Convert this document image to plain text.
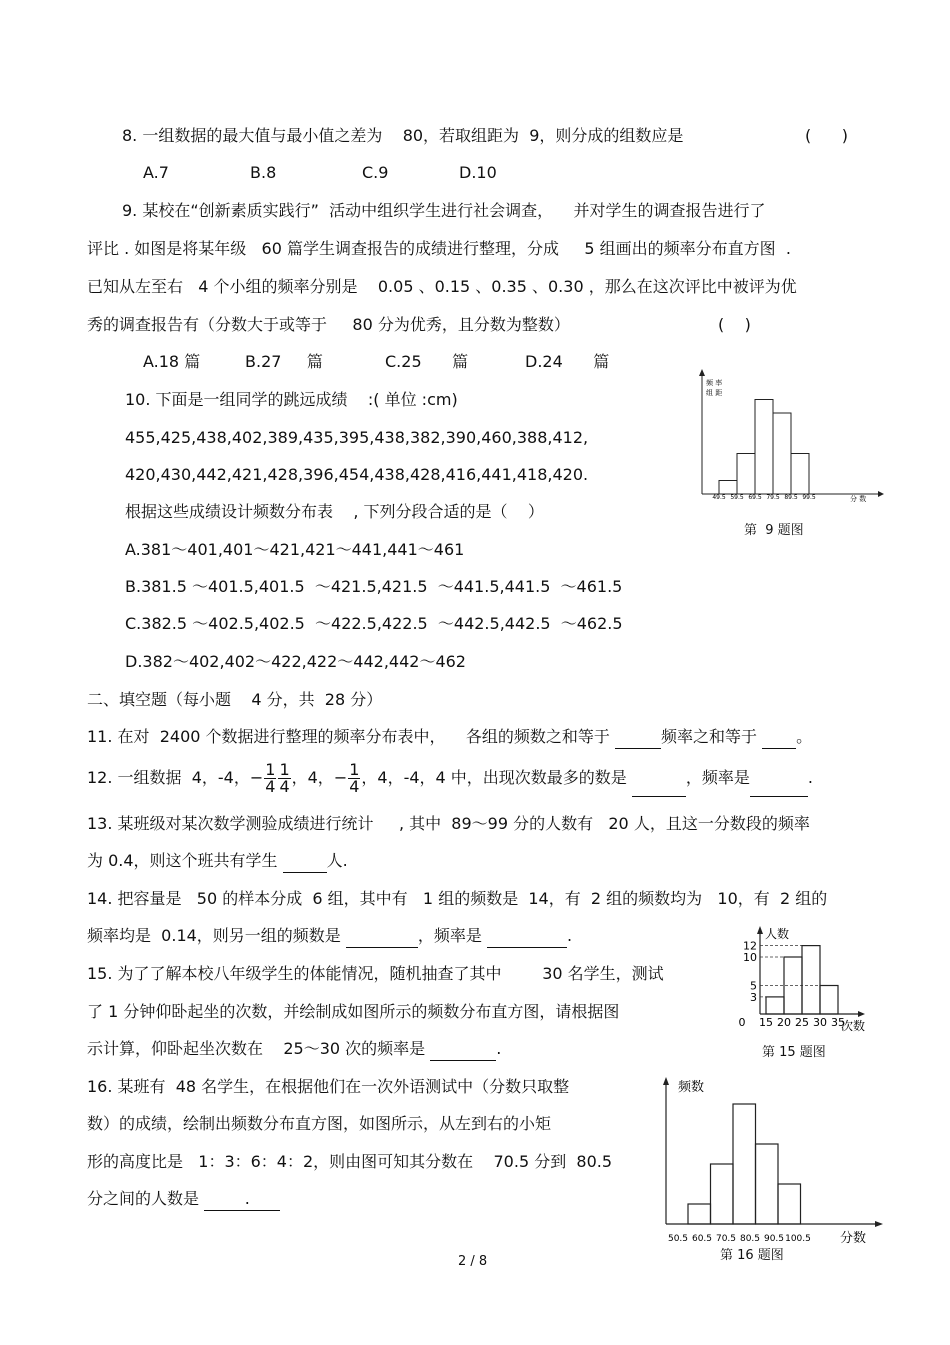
8. 一组数据的最大值与最小值之差为    80，若取组距为  9，则分成的组数应是	(      )
A.7	B.8	C.9	D.10
9. 某校在“创新素质实践行”  活动中组织学生进行社会调查，    并对学生的调查报告进行了
评比 . 如图是将某年级   60 篇学生调查报告的成绩进行整理，分成     5 组画出的频率分布直方图  .
已知从左至右   4 个小组的频率分别是    0.05 、0.15 、0.35 、0.30 ，那么在这次评比中被评为优
秀的调查报告有（分数大于或等于     80 分为优秀，且分数为整数）	(    )
A.18 篇	B.27     篇	C.25      篇	D.24      篇
10. 下面是一组同学的跳远成绩    :( 单位 :cm)
455,425,438,402,389,435,395,438,382,390,460,388,412,
420,430,442,421,428,396,454,438,428,416,441,418,420.
根据这些成绩设计频数分布表    , 下列分段合适的是（    ）
A.381～401,401～421,421～441,441～461
B.381.5 ～401.5,401.5  ～421.5,421.5  ～441.5,441.5  ～461.5
C.382.5 ～402.5,402.5  ～422.5,422.5  ～442.5,442.5  ～462.5
D.382～402,402～422,422～442,442～462
频 率
组 距
分 数
49.5 59.5 69.5 79.5 89.5 99.5
第  9 题图
二、填空题（每小题    4 分，共  28 分）
11. 在对  2400 个数据进行整理的频率分布表中，    各组的频数之和等于	频率之和等于 。
12. 一组数据  4，-4，− $\frac{1}{4} \frac{1}{4}$ ，4，− $\frac{1}{4}$ ，4，-4，4 中，出现次数最多的数是	，频率是	.
13. 某班级对某次数学测验成绩进行统计     , 其中  89～99 分的人数有   20 人，且这一分数段的频率
为 0.4，则这个班共有学生	人.
14. 把容量是   50 的样本分成  6 组，其中有   1 组的频数是  14，有  2 组的频数均为   10，有  2 组的
频率均是  0.14，则另一组的频数是	，频率是	.
15. 为了了解本校八年级学生的体能情况，随机抽查了其中        30 名学生，测试
了 1 分钟仰卧起坐的次数，并绘制成如图所示的频数分布直方图，请根据图
示计算，仰卧起坐次数在    25～30 次的频率是	.
人数
次数
12
10
5
3
0 15 20 25 30 35
第 15 题图
16. 某班有  48 名学生，在根据他们在一次外语测试中（分数只取整
数）的成绩，绘制出频数分布直方图，如图所示，从左到右的小矩
形的高度比是   1：3：6：4：2，则由图可知其分数在    70.5 分到  80.5
分之间的人数是         .
频数
分数
50.5 60.5 70.5 80.5 90.5 100.5
第 16 题图
2 / 8
